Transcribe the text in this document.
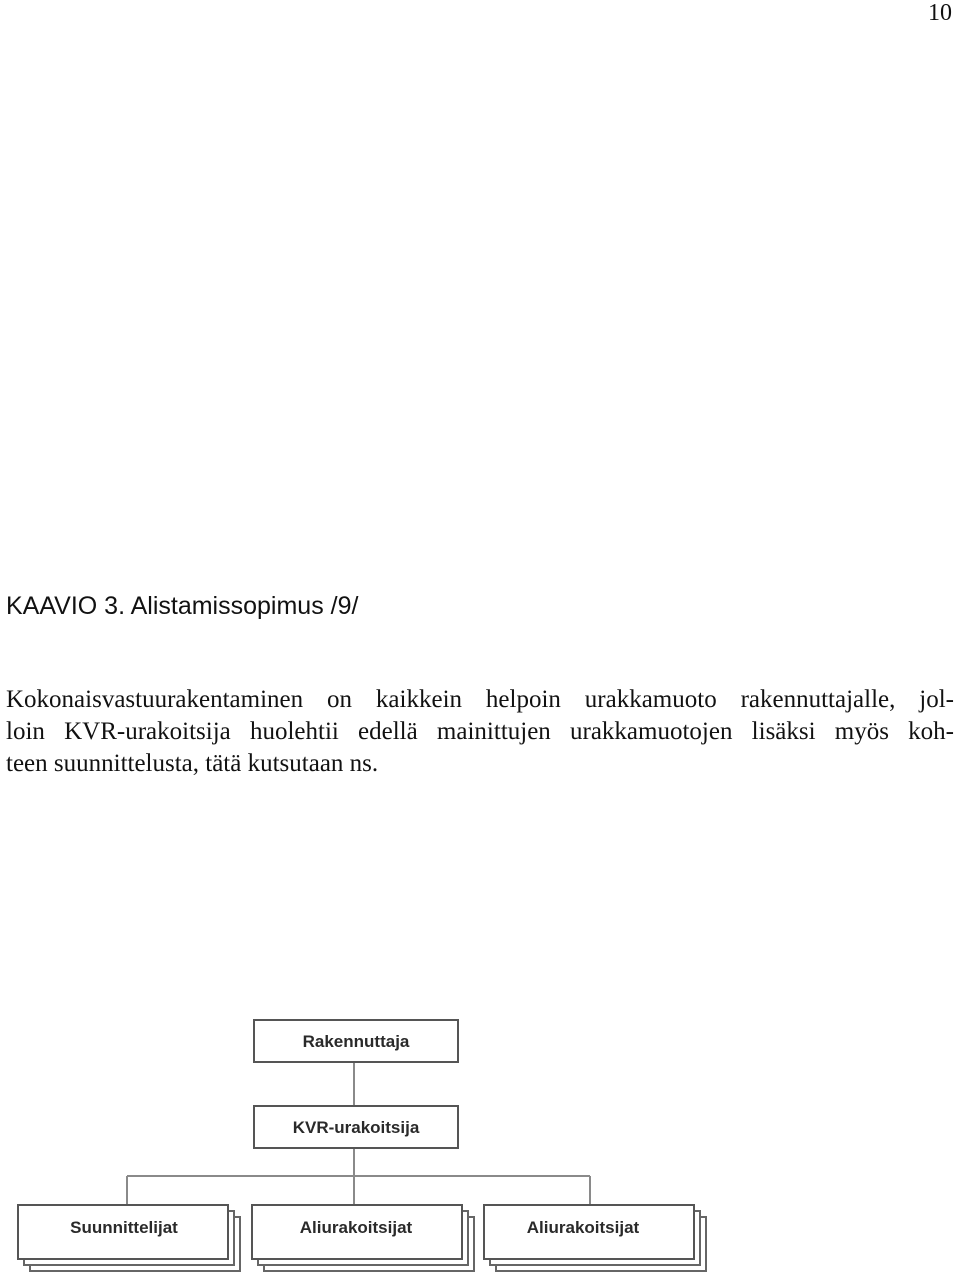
10
KAAVIO 3. Alistamissopimus /9/

Kokonaisvastuurakentaminen on kaikkein helpoin urakkamuoto rakennuttajalle, jol-
loin KVR-urakoitsija huolehtii edellä mainittujen urakkamuotojen lisäksi myös koh-
teen suunnittelusta, tätä kutsutaan ns.

Rakennuttaja
KVR-urakoitsija
Suunnittelijat	Aliurakoitsijat	Aliurakoitsijat
